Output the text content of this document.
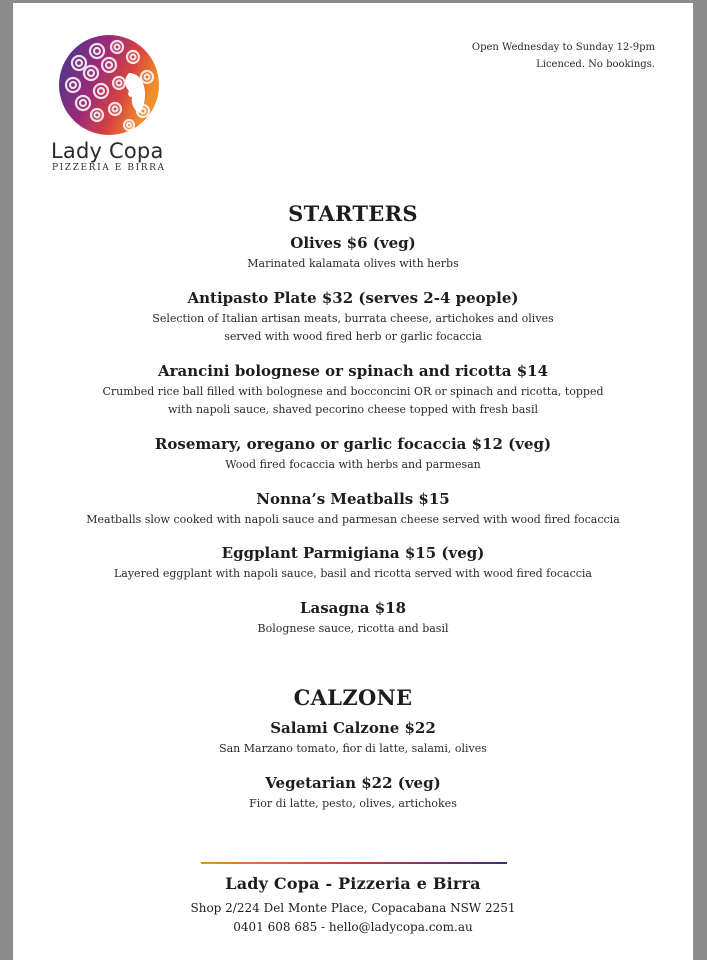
Lady Copa
PIZZERIA E BIRRA
Open Wednesday to Sunday 12-9pm
Licenced. No bookings.
STARTERS
Olives $6 (veg)
Marinated kalamata olives with herbs
Antipasto Plate $32 (serves 2-4 people)
Selection of Italian artisan meats, burrata cheese, artichokes and olives
served with wood fired herb or garlic focaccia
Arancini bolognese or spinach and ricotta $14
Crumbed rice ball filled with bolognese and bocconcini OR or spinach and ricotta, topped
with napoli sauce, shaved pecorino cheese topped with fresh basil
Rosemary, oregano or garlic focaccia $12 (veg)
Wood fired focaccia with herbs and parmesan
Nonna’s Meatballs $15
Meatballs slow cooked with napoli sauce and parmesan cheese served with wood fired focaccia
Eggplant Parmigiana $15 (veg)
Layered eggplant with napoli sauce, basil and ricotta served with wood fired focaccia
Lasagna $18
Bolognese sauce, ricotta and basil
CALZONE
Salami Calzone $22
San Marzano tomato, fior di latte, salami, olives
Vegetarian $22 (veg)
Fior di latte, pesto, olives, artichokes
Lady Copa - Pizzeria e Birra
Shop 2/224 Del Monte Place, Copacabana NSW 2251
0401 608 685 - hello@ladycopa.com.au
